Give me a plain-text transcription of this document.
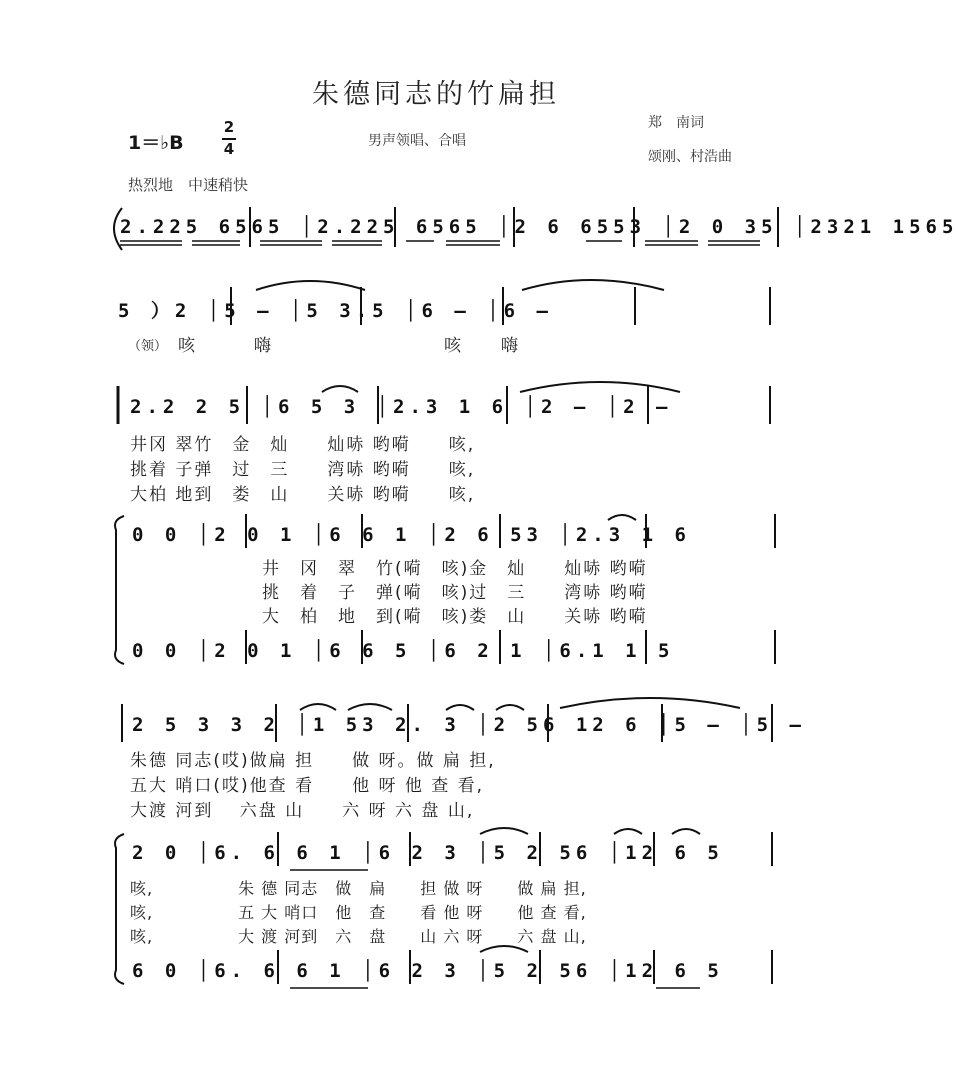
朱德同志的竹扁担
1＝♭B
2
4	男声领唱、合唱
郑　南词
颂刚、村浩曲
热烈地　中速稍快
2.225 6565 │2.225 6565 │2 6 6553 │2 0 35 │2321 1565
5 ）2 │5 – │5 3.5 │6 – │6 –
（领） 咳　　　嗨　　　　　　　　　咳　　嗨
2.2 2 5 │6 5 3 │2.3 1 6 │2 – │2 –
井冈 翠竹　金　灿　　灿哧 哟嗬　　咳,
挑着 子弹　过　三　　湾哧 哟嗬　　咳,
大柏 地到　娄　山　　关哧 哟嗬　　咳,
0 0 │2 0 1 │6 6 1 │2 6 53 │2.3 1 6
井　冈　翠　竹(嗬　咳)金　灿　　灿哧 哟嗬
挑　着　子　弹(嗬　咳)过　三　　湾哧 哟嗬
大　柏　地　到(嗬　咳)娄　山　　关哧 哟嗬
0 0 │2 0 1 │6 6 5 │6 2 1 │6.1 1 5
2 5 3 3 2 │1 53 2. 3 │2 56 12 6 │5 – │5 –
朱德 同志(哎)做扁 担　　做 呀。做 扁 担,
五大 哨口(哎)他查 看　　他 呀 他 查 看,
大渡 河到　 六盘 山　　六 呀 六 盘 山,
2 0 │6. 6 6 1 │6 2 3 │5 2 56 │12 6 5
咳,　　　　　朱 德 同志　做　扁　　担 做 呀　　做 扁 担,
咳,　　　　　五 大 哨口　他　查　　看 他 呀　　他 查 看,
咳,　　　　　大 渡 河到　六　盘　　山 六 呀　　六 盘 山,
6 0 │6. 6 6 1 │6 2 3 │5 2 56 │12 6 5
